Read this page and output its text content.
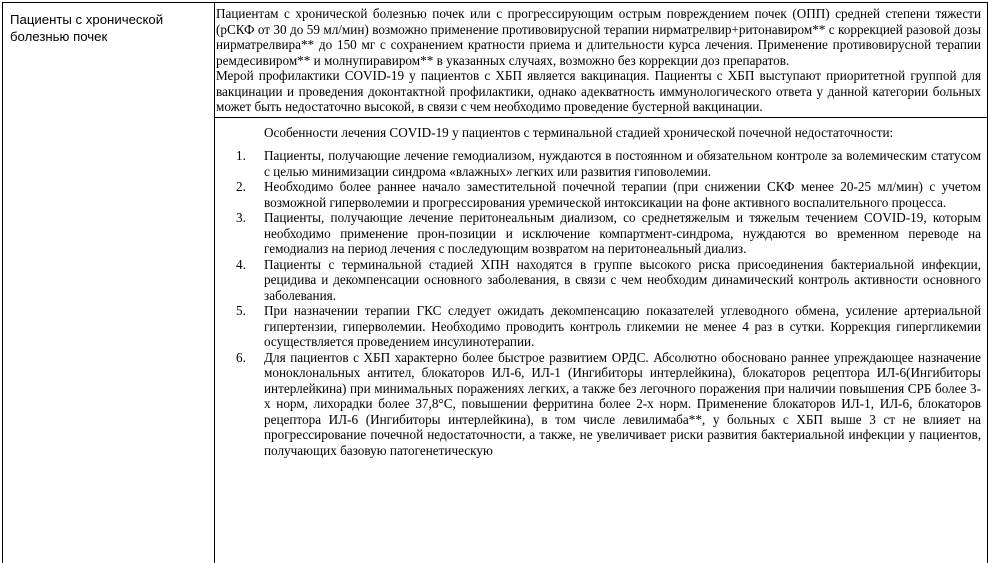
Пациенты с хронической болезнью почек

Пациентам с хронической болезнью почек или с прогрессирующим острым повреждением почек (ОПП) средней степени тяжести (рСКФ от 30 до 59 мл/мин) возможно применение противовирусной терапии нирматрелвир+ритонавиром** с коррекцией разовой дозы нирматрелвира** до 150 мг с сохранением кратности приема и длительности курса лечения. Применение противовирусной терапии ремдесивиром** и молнупиравиром** в указанных случаях, возможно без коррекции доз препаратов.

Мерой профилактики COVID-19 у пациентов с ХБП является вакцинация. Пациенты с ХБП выступают приоритетной группой для вакцинации и проведения доконтактной профилактики, однако адекватность иммунологического ответа у данной категории больных может быть недостаточно высокой, в связи с чем необходимо проведение бустерной вакцинации.

Особенности лечения COVID-19 у пациентов с терминальной стадией хронической почечной недостаточности:

1. Пациенты, получающие лечение гемодиализом, нуждаются в постоянном и обязательном контроле за волемическим статусом с целью минимизации синдрома «влажных» легких или развития гиповолемии.
2. Необходимо более раннее начало заместительной почечной терапии (при снижении СКФ менее 20-25 мл/мин) с учетом возможной гиперволемии и прогрессирования уремической интоксикации на фоне активного воспалительного процесса.
3. Пациенты, получающие лечение перитонеальным диализом, со среднетяжелым и тяжелым течением COVID-19, которым необходимо применение прон-позиции и исключение компартмент-синдрома, нуждаются во временном переводе на гемодиализ на период лечения с последующим возвратом на перитонеальный диализ.
4. Пациенты с терминальной стадией ХПН находятся в группе высокого риска присоединения бактериальной инфекции, рецидива и декомпенсации основного заболевания, в связи с чем необходим динамический контроль активности основного заболевания.
5. При назначении терапии ГКС следует ожидать декомпенсацию показателей углеводного обмена, усиление артериальной гипертензии, гиперволемии. Необходимо проводить контроль гликемии не менее 4 раз в сутки. Коррекция гипергликемии осуществляется проведением инсулинотерапии.
6. Для пациентов с ХБП характерно более быстрое развитием ОРДС. Абсолютно обосновано раннее упреждающее назначение моноклональных антител, блокаторов ИЛ-6, ИЛ-1 (Ингибиторы интерлейкина), блокаторов рецептора ИЛ-6(Ингибиторы интерлейкина) при минимальных поражениях легких, а также без легочного поражения при наличии повышения СРБ более 3-х норм, лихорадки более 37,8°С, повышении ферритина более 2-х норм. Применение блокаторов ИЛ-1, ИЛ-6, блокаторов рецептора ИЛ-6 (Ингибиторы интерлейкина), в том числе левилимаба**, у больных с ХБП выше 3 ст не влияет на прогрессирование почечной недостаточности, а также, не увеличивает риски развития бактериальной инфекции у пациентов, получающих базовую патогенетическую
